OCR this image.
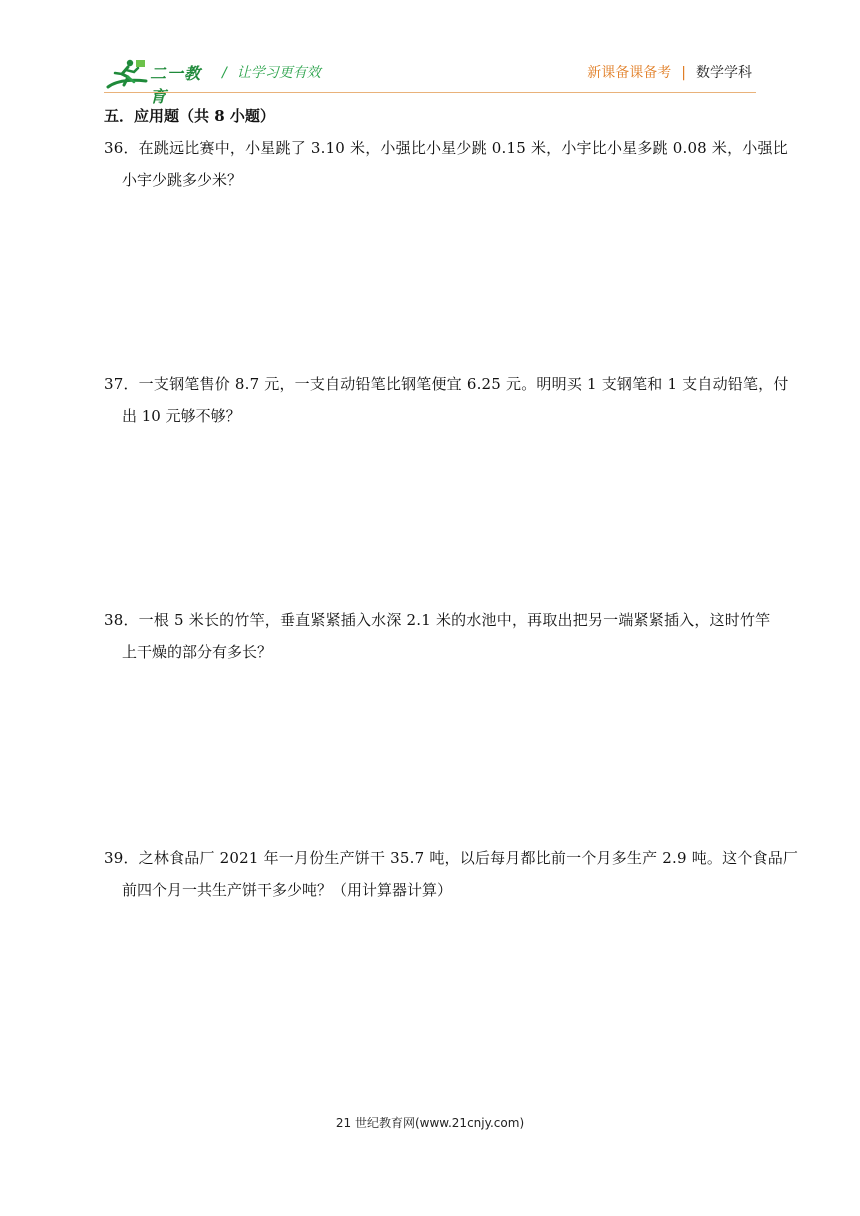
二一教育
/ 让学习更有效	新课备课备考 | 数学学科
五．应用题（共 8 小题）
36．在跳远比赛中，小星跳了 3.10 米，小强比小星少跳 0.15 米，小宇比小星多跳 0.08 米，小强比
小宇少跳多少米？
37．一支钢笔售价 8.7 元，一支自动铅笔比钢笔便宜 6.25 元。明明买 1 支钢笔和 1 支自动铅笔，付
出 10 元够不够？
38．一根 5 米长的竹竿，垂直紧紧插入水深 2.1 米的水池中，再取出把另一端紧紧插入，这时竹竿
上干燥的部分有多长？
39．之林食品厂 2021 年一月份生产饼干 35.7 吨，以后每月都比前一个月多生产 2.9 吨。这个食品厂
前四个月一共生产饼干多少吨？（用计算器计算）
21 世纪教育网(www.21cnjy.com)
